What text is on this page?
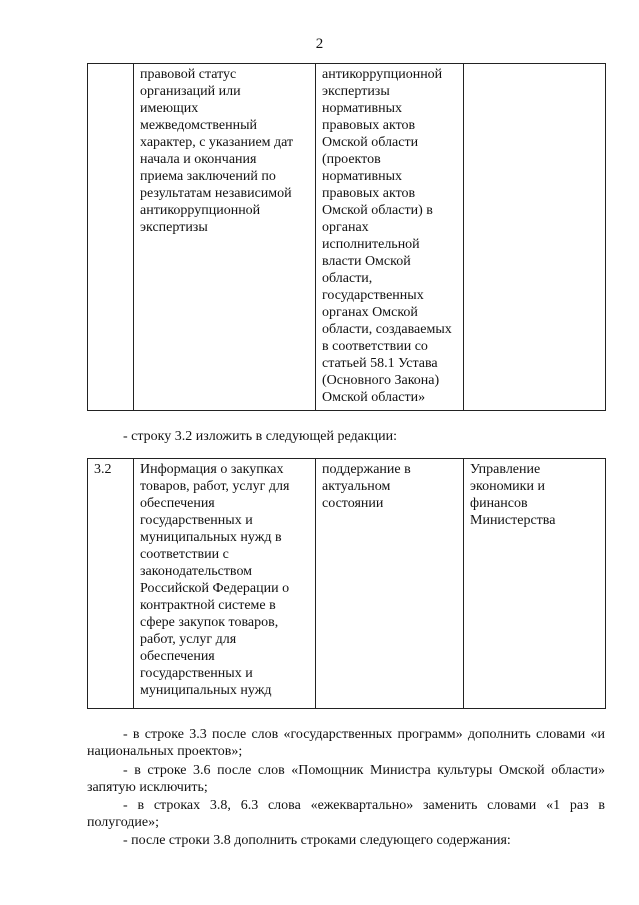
2
	правовой статус
организаций или
имеющих
межведомственный
характер, с указанием дат
начала и окончания
приема заключений по
результатам независимой
антикоррупционной
экспертизы	антикоррупционной
экспертизы
нормативных
правовых актов
Омской области
(проектов
нормативных
правовых актов
Омской области) в
органах
исполнительной
власти Омской
области,
государственных
органах Омской
области, создаваемых
в соответствии со
статьей 58.1 Устава
(Основного Закона)
Омской области»	
- строку 3.2 изложить в следующей редакции:
3.2	Информация о закупках
товаров, работ, услуг для
обеспечения
государственных и
муниципальных нужд в
соответствии с
законодательством
Российской Федерации о
контрактной системе в
сфере закупок товаров,
работ, услуг для
обеспечения
государственных и
муниципальных нужд	поддержание в
актуальном
состоянии	Управление
экономики и
финансов
Министерства
- в строке 3.3 после слов «государственных программ» дополнить словами «и национальных проектов»;
- в строке 3.6 после слов «Помощник Министра культуры Омской области» запятую исключить;
- в строках 3.8, 6.3 слова «ежеквартально» заменить словами «1 раз в полугодие»;
- после строки 3.8 дополнить строками следующего содержания:
